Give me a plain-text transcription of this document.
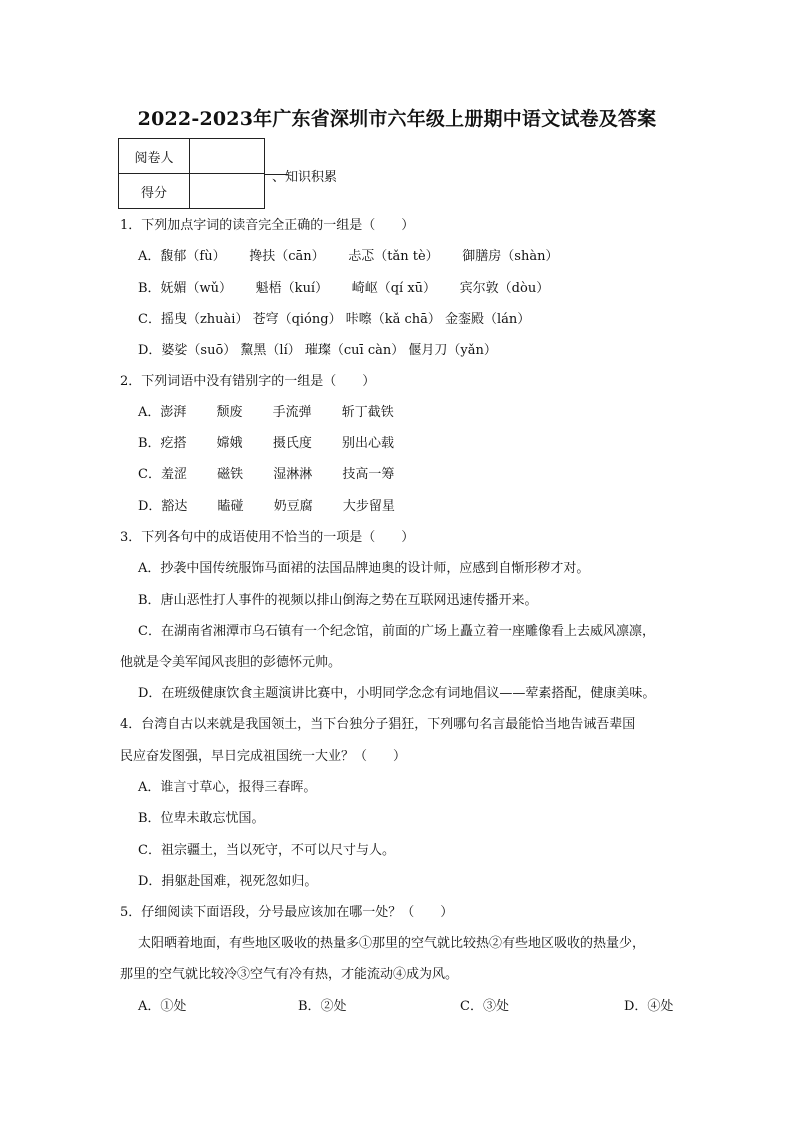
2022-2023年广东省深圳市六年级上册期中语文试卷及答案
阅卷人	
得分	
、知识积累
1．下列加点字词的读音完全正确的一组是（　　）
A．馥郁（fù）　　 搀扶（cān）　　 忐忑（tǎn tè）　　 御膳房（shàn）
B．妩媚（wǔ）　　 魁梧（kuí）　　 崎岖（qí xū）　　 宾尔敦（dòu）
C．摇曳（zhuài） 苍穹（qióng） 咔嚓（kǎ chā） 金銮殿（lán）
D．婆娑（suō） 黧黑（lí） 璀璨（cuī càn） 偃月刀（yǎn）
2．下列词语中没有错别字的一组是（　　）
A．澎湃　　 颓废　　 手流弹　　 斩丁截铁
B．疙搭　　 嫦娥　　 摄氏度　　 别出心载
C．羞涩　　 磁铁　　 湿淋淋　　 技高一筹
D．豁达　　 瞌碰　　 奶豆腐　　 大步留星
3．下列各句中的成语使用不恰当的一项是（　　）
A．抄袭中国传统服饰马面裙的法国品牌迪奥的设计师，应感到自惭形秽才对。
B．唐山恶性打人事件的视频以排山倒海之势在互联网迅速传播开来。
C．在湖南省湘潭市乌石镇有一个纪念馆，前面的广场上矗立着一座雕像看上去威风凛凛，
他就是令美军闻风丧胆的彭德怀元帅。
D．在班级健康饮食主题演讲比赛中，小明同学念念有词地倡议——荤素搭配，健康美味。
4．台湾自古以来就是我国领土，当下台独分子猖狂，下列哪句名言最能恰当地告诫吾辈国
民应奋发图强，早日完成祖国统一大业？（　　）
A．谁言寸草心，报得三春晖。
B．位卑未敢忘忧国。
C．祖宗疆土，当以死守，不可以尺寸与人。
D．捐躯赴国难，视死忽如归。
5．仔细阅读下面语段，分号最应该加在哪一处？（　　）
太阳晒着地面，有些地区吸收的热量多①那里的空气就比较热②有些地区吸收的热量少，
那里的空气就比较冷③空气有冷有热，才能流动④成为风。
A．①处	B．②处	C．③处	D．④处
